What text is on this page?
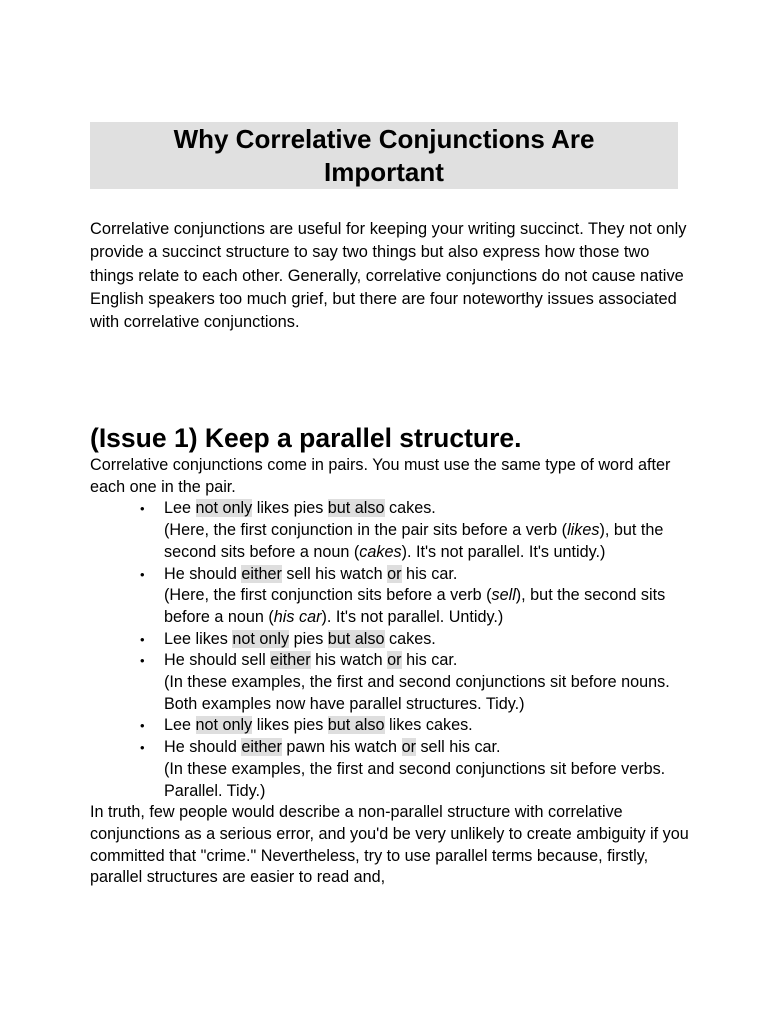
Why Correlative Conjunctions Are Important

Correlative conjunctions are useful for keeping your writing succinct. They not only provide a succinct structure to say two things but also express how those two things relate to each other. Generally, correlative conjunctions do not cause native English speakers too much grief, but there are four noteworthy issues associated with correlative conjunctions.

(Issue 1) Keep a parallel structure.

Correlative conjunctions come in pairs. You must use the same type of word after each one in the pair.

• Lee not only likes pies but also cakes.
(Here, the first conjunction in the pair sits before a verb (likes), but the second sits before a noun (cakes). It's not parallel. It's untidy.)
• He should either sell his watch or his car.
(Here, the first conjunction sits before a verb (sell), but the second sits before a noun (his car). It's not parallel. Untidy.)
• Lee likes not only pies but also cakes.
• He should sell either his watch or his car.
(In these examples, the first and second conjunctions sit before nouns. Both examples now have parallel structures. Tidy.)
• Lee not only likes pies but also likes cakes.
• He should either pawn his watch or sell his car.
(In these examples, the first and second conjunctions sit before verbs. Parallel. Tidy.)

In truth, few people would describe a non-parallel structure with correlative conjunctions as a serious error, and you'd be very unlikely to create ambiguity if you committed that "crime." Nevertheless, try to use parallel terms because, firstly, parallel structures are easier to read and,
